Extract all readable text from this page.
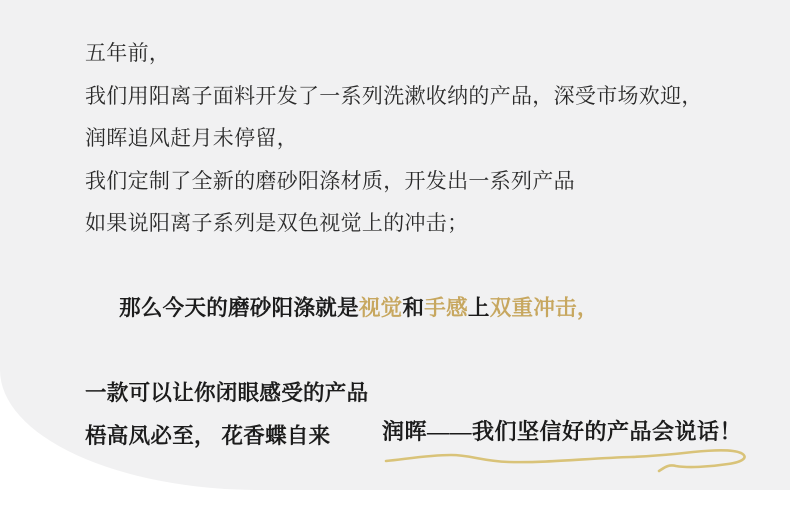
五年前，
我们用阳离子面料开发了一系列洗漱收纳的产品，深受市场欢迎，
润晖追风赶月未停留，
我们定制了全新的磨砂阳涤材质，开发出一系列产品
如果说阳离子系列是双色视觉上的冲击；

那么今天的磨砂阳涤就是视觉和手感上双重冲击，

一款可以让你闭眼感受的产品
梧高凤必至， 花香蝶自来	润晖——我们坚信好的产品会说话！
